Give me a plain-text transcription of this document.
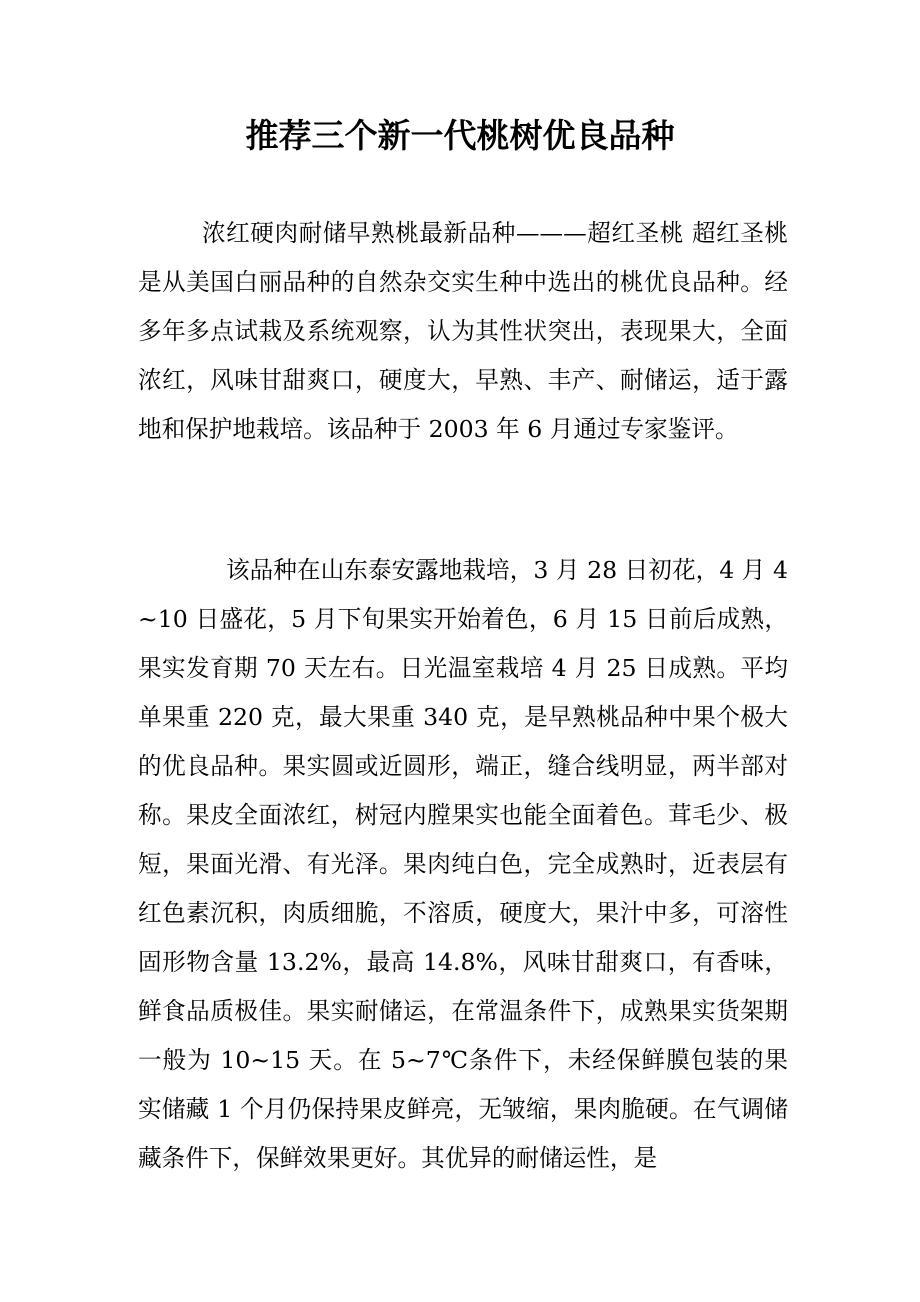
推荐三个新一代桃树优良品种

浓红硬肉耐储早熟桃最新品种———超红圣桃 超红圣桃是从美国白丽品种的自然杂交实生种中选出的桃优良品种。经多年多点试栽及系统观察，认为其性状突出，表现果大，全面浓红，风味甘甜爽口，硬度大，早熟、丰产、耐储运，适于露地和保护地栽培。该品种于 2003 年 6 月通过专家鉴评。

该品种在山东泰安露地栽培，3 月 28 日初花，4 月 4~10 日盛花，5 月下旬果实开始着色，6 月 15 日前后成熟，果实发育期 70 天左右。日光温室栽培 4 月 25 日成熟。平均单果重 220 克，最大果重 340 克，是早熟桃品种中果个极大的优良品种。果实圆或近圆形，端正，缝合线明显，两半部对称。果皮全面浓红，树冠内膛果实也能全面着色。茸毛少、极短，果面光滑、有光泽。果肉纯白色，完全成熟时，近表层有红色素沉积，肉质细脆，不溶质，硬度大，果汁中多，可溶性固形物含量 13.2%，最高 14.8%，风味甘甜爽口，有香味，鲜食品质极佳。果实耐储运，在常温条件下，成熟果实货架期一般为 10~15 天。在 5~7℃条件下，未经保鲜膜包装的果实储藏 1 个月仍保持果皮鲜亮，无皱缩，果肉脆硬。在气调储藏条件下，保鲜效果更好。其优异的耐储运性，是
